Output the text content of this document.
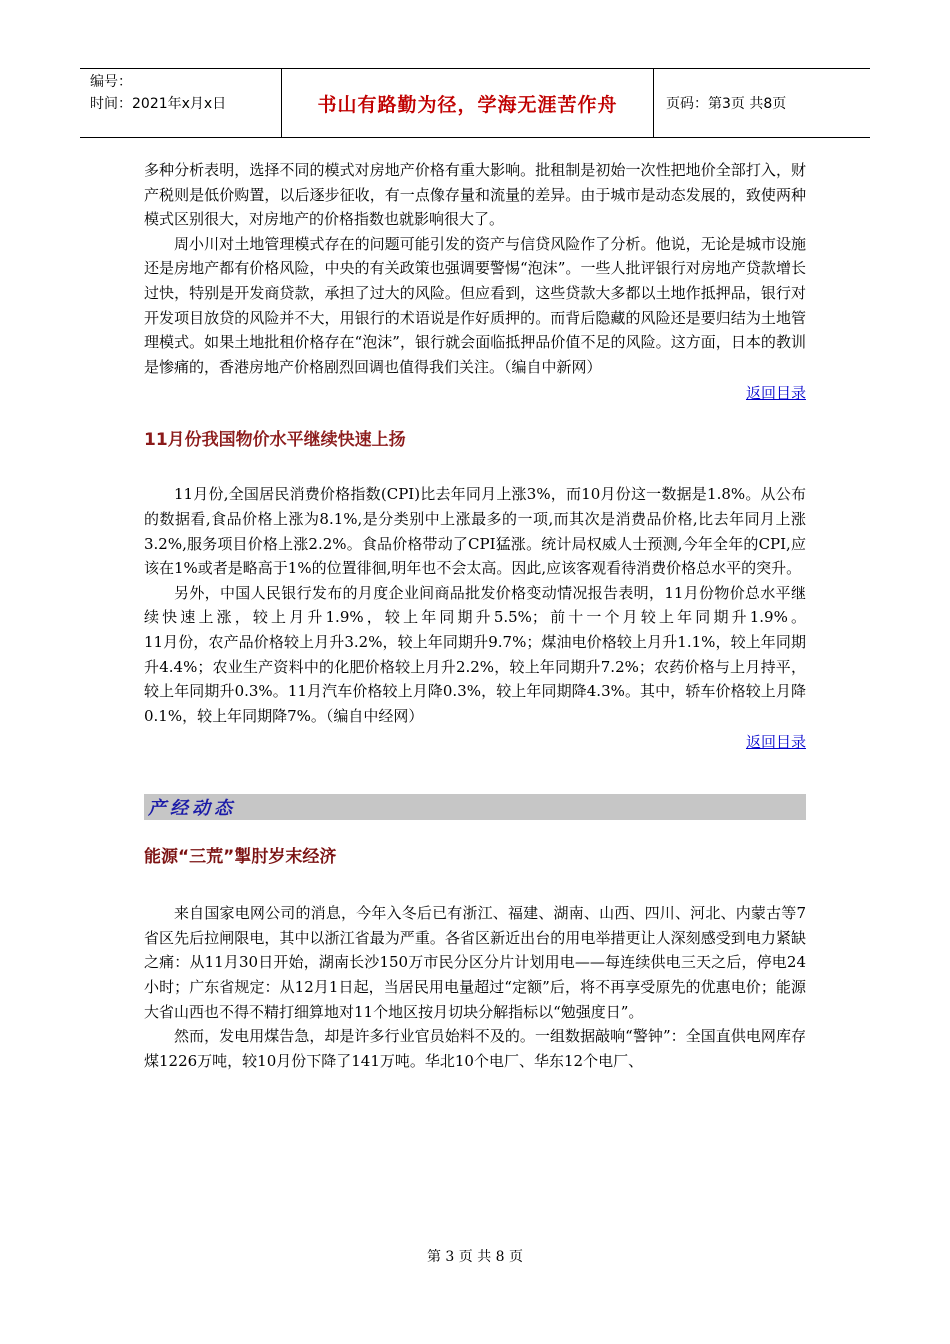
编号：
时间：2021年x月x日	书山有路勤为径，学海无涯苦作舟	页码：第3页 共8页

多种分析表明，选择不同的模式对房地产价格有重大影响。批租制是初始一次性把地价全部打入，财产税则是低价购置，以后逐步征收，有一点像存量和流量的差异。由于城市是动态发展的，致使两种模式区别很大，对房地产的价格指数也就影响很大了。

周小川对土地管理模式存在的问题可能引发的资产与信贷风险作了分析。他说，无论是城市设施还是房地产都有价格风险，中央的有关政策也强调要警惕“泡沫”。一些人批评银行对房地产贷款增长过快，特别是开发商贷款，承担了过大的风险。但应看到，这些贷款大多都以土地作抵押品，银行对开发项目放贷的风险并不大，用银行的术语说是作好质押的。而背后隐藏的风险还是要归结为土地管理模式。如果土地批租价格存在“泡沫”，银行就会面临抵押品价值不足的风险。这方面，日本的教训是惨痛的，香港房地产价格剧烈回调也值得我们关注。（编自中新网）

返回目录
11月份我国物价水平继续快速上扬

11月份,全国居民消费价格指数(CPI)比去年同月上涨3%，而10月份这一数据是1.8%。从公布的数据看,食品价格上涨为8.1%,是分类别中上涨最多的一项,而其次是消费品价格,比去年同月上涨3.2%,服务项目价格上涨2.2%。食品价格带动了CPI猛涨。统计局权威人士预测,今年全年的CPI,应该在1%或者是略高于1%的位置徘徊,明年也不会太高。因此,应该客观看待消费价格总水平的突升。

另外，中国人民银行发布的月度企业间商品批发价格变动情况报告表明，11月份物价总水平继续快速上涨，较上月升1.9%，较上年同期升5.5%；前十一个月较上年同期升1.9%。                    11月份，农产品价格较上月升3.2%，较上年同期升9.7%；煤油电价格较上月升1.1%，较上年同期升4.4%；农业生产资料中的化肥价格较上月升2.2%，较上年同期升7.2%；农药价格与上月持平，较上年同期升0.3%。11月汽车价格较上月降0.3%，较上年同期降4.3%。其中，轿车价格较上月降0.1%，较上年同期降7%。（编自中经网）

返回目录
产经动态
能源“三荒”掣肘岁末经济

来自国家电网公司的消息，今年入冬后已有浙江、福建、湖南、山西、四川、河北、内蒙古等7省区先后拉闸限电，其中以浙江省最为严重。各省区新近出台的用电举措更让人深刻感受到电力紧缺之痛：从11月30日开始，湖南长沙150万市民分区分片计划用电——每连续供电三天之后，停电24小时；广东省规定：从12月1日起，当居民用电量超过“定额”后，将不再享受原先的优惠电价；能源大省山西也不得不精打细算地对11个地区按月切块分解指标以“勉强度日”。

然而，发电用煤告急，却是许多行业官员始料不及的。一组数据敲响“警钟”：全国直供电网库存煤1226万吨，较10月份下降了141万吨。华北10个电厂、华东12个电厂、

第 3 页 共 8 页
